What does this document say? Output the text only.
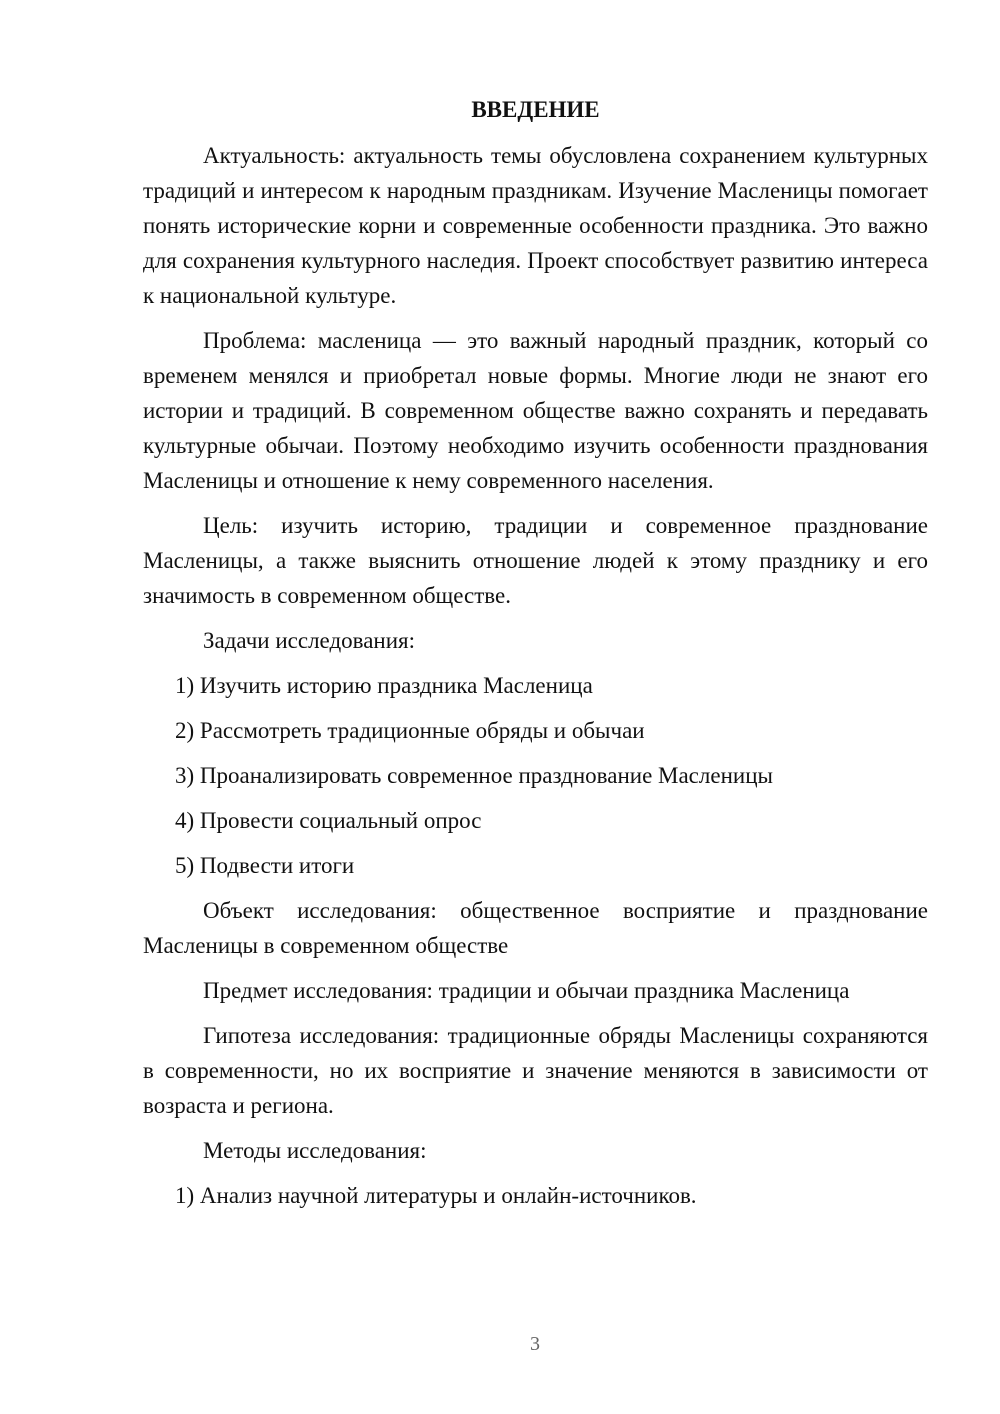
ВВЕДЕНИЕ

Актуальность: актуальность темы обусловлена сохранением культурных традиций и интересом к народным праздникам. Изучение Масленицы помогает понять исторические корни и современные особенности праздника. Это важно для сохранения культурного наследия. Проект способствует развитию интереса к национальной культуре.

Проблема: масленица — это важный народный праздник, который со временем менялся и приобретал новые формы. Многие люди не знают его истории и традиций. В современном обществе важно сохранять и передавать культурные обычаи. Поэтому необходимо изучить особенности празднования Масленицы и отношение к нему современного населения.

Цель: изучить историю, традиции и современное празднование Масленицы, а также выяснить отношение людей к этому празднику и его значимость в современном обществе.

Задачи исследования:

1) Изучить историю праздника Масленица
2) Рассмотреть традиционные обряды и обычаи
3) Проанализировать современное празднование Масленицы
4) Провести социальный опрос
5) Подвести итоги

Объект исследования: общественное восприятие и празднование Масленицы в современном обществе

Предмет исследования: традиции и обычаи праздника Масленица

Гипотеза исследования: традиционные обряды Масленицы сохраняются в современности, но их восприятие и значение меняются в зависимости от возраста и региона.

Методы исследования:

1) Анализ научной литературы и онлайн-источников.
3
